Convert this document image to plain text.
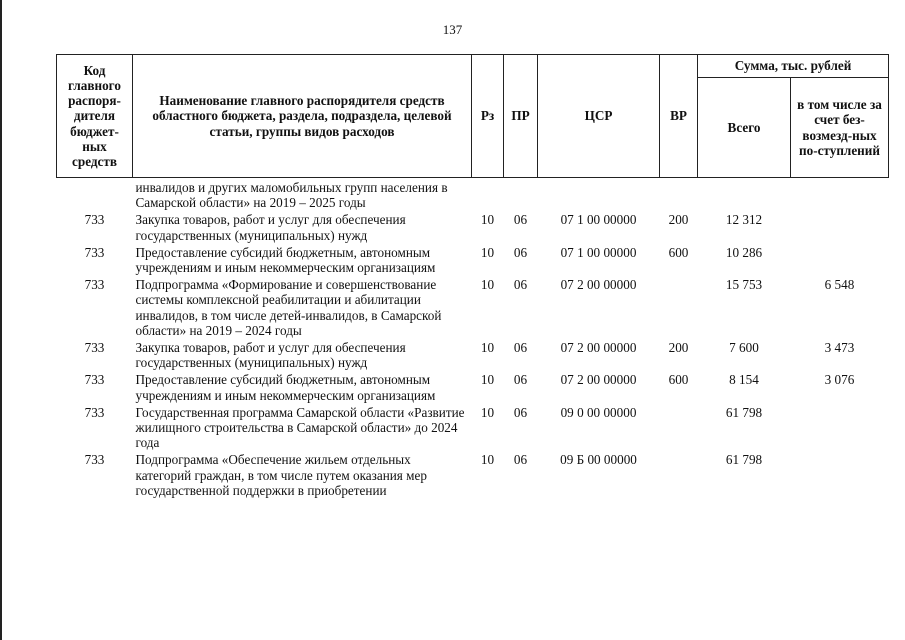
137
Код главного распоря-дителя бюджет-ных средств	Наименование главного распорядителя средств областного бюджета, раздела, подраздела, целевой статьи, группы видов расходов	Рз	ПР	ЦСР	ВР	Сумма, тыс. рублей	
						Всего	в том числе за счет без-возмезд-ных по-ступлений
	инвалидов и других маломобильных групп населения в Самарской области» на 2019 – 2025 годы						
733	Закупка товаров, работ и услуг для обеспечения государственных (муниципальных) нужд	10	06	07 1 00 00000	200	12 312	
733	Предоставление субсидий бюджетным, автономным учреждениям и иным некоммерческим организациям	10	06	07 1 00 00000	600	10 286	
733	Подпрограмма «Формирование и совершенствование системы комплексной реабилитации и абилитации инвалидов, в том числе детей-инвалидов, в Самарской области» на 2019 – 2024 годы	10	06	07 2 00 00000		15 753	6 548
733	Закупка товаров, работ и услуг для обеспечения государственных (муниципальных) нужд	10	06	07 2 00 00000	200	7 600	3 473
733	Предоставление субсидий бюджетным, автономным учреждениям и иным некоммерческим организациям	10	06	07 2 00 00000	600	8 154	3 076
733	Государственная программа Самарской области «Развитие жилищного строительства в Самарской области» до 2024 года	10	06	09 0 00 00000		61 798	
733	Подпрограмма «Обеспечение жильем отдельных категорий граждан, в том числе путем оказания мер государственной поддержки в приобретении	10	06	09 Б 00 00000		61 798	
